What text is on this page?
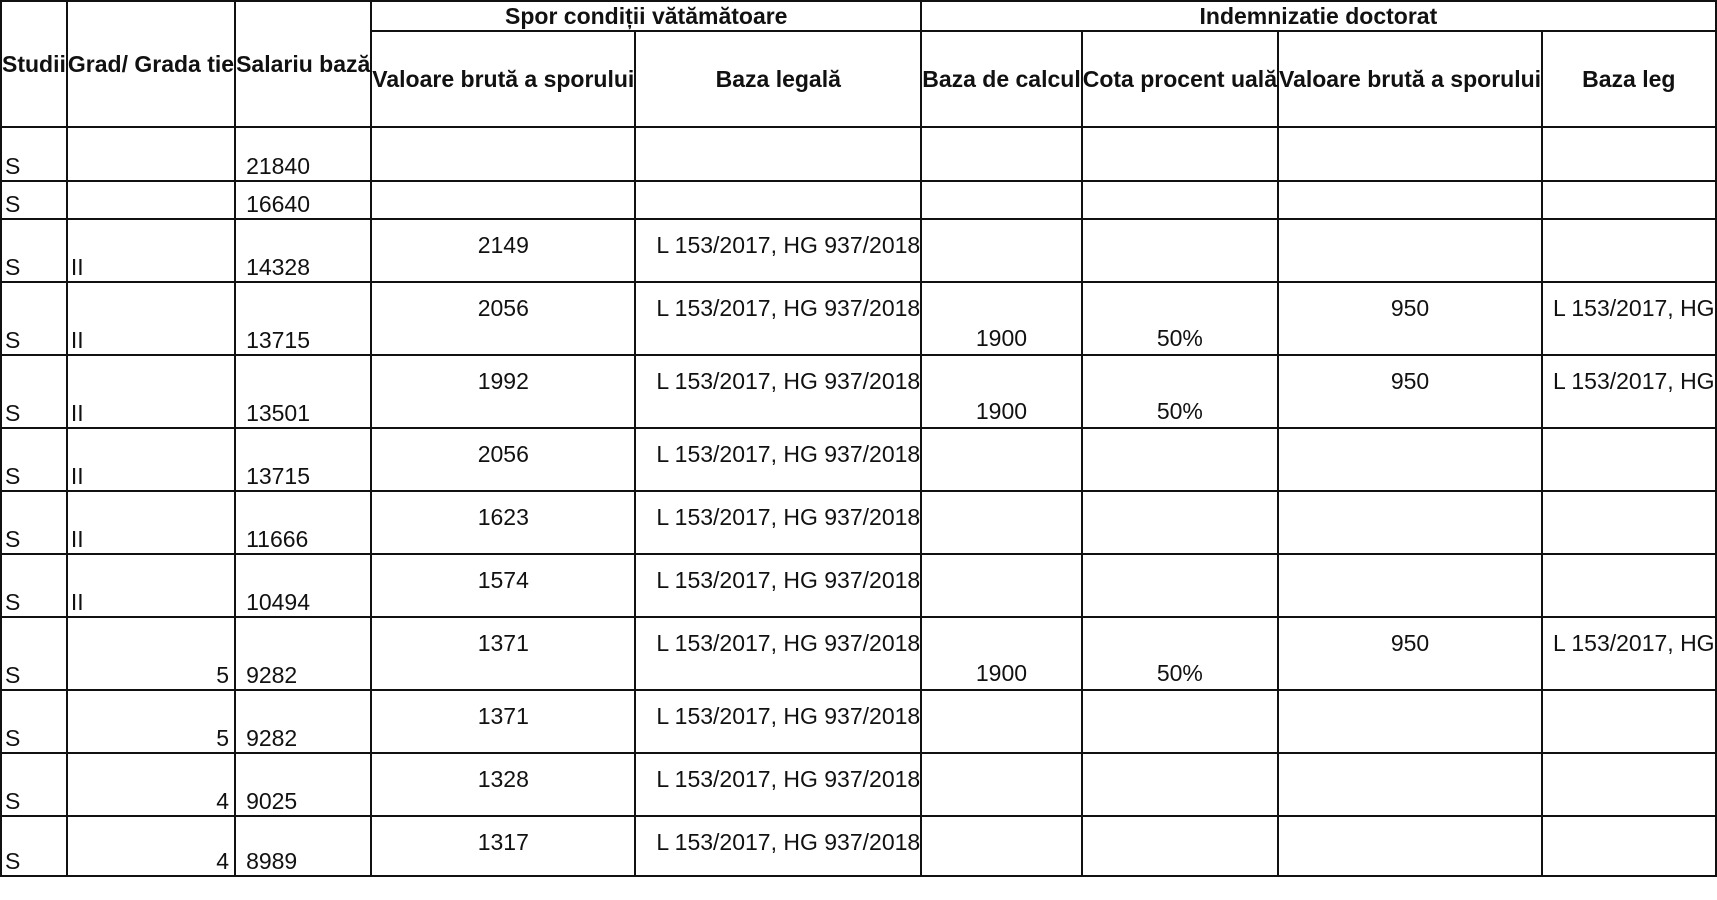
Studii	Grad/ Grada tie	Salariu bază	Spor condiții vătămătoare		Indemnizatie doctorat			
			Valoare brută a sporului	Baza legală	Baza de calcul	Cota procent uală	Valoare brută a sporului	Baza leg
S		21840						
S		16640						
S	II	14328	2149	L 153/2017, HG 937/2018				
S	II	13715	2056	L 153/2017, HG 937/2018	1900	50%	950	L 153/2017, HG
S	II	13501	1992	L 153/2017, HG 937/2018	1900	50%	950	L 153/2017, HG
S	II	13715	2056	L 153/2017, HG 937/2018				
S	II	11666	1623	L 153/2017, HG 937/2018				
S	II	10494	1574	L 153/2017, HG 937/2018				
S	5	9282	1371	L 153/2017, HG 937/2018	1900	50%	950	L 153/2017, HG
S	5	9282	1371	L 153/2017, HG 937/2018				
S	4	9025	1328	L 153/2017, HG 937/2018				
S	4	8989	1317	L 153/2017, HG 937/2018				
